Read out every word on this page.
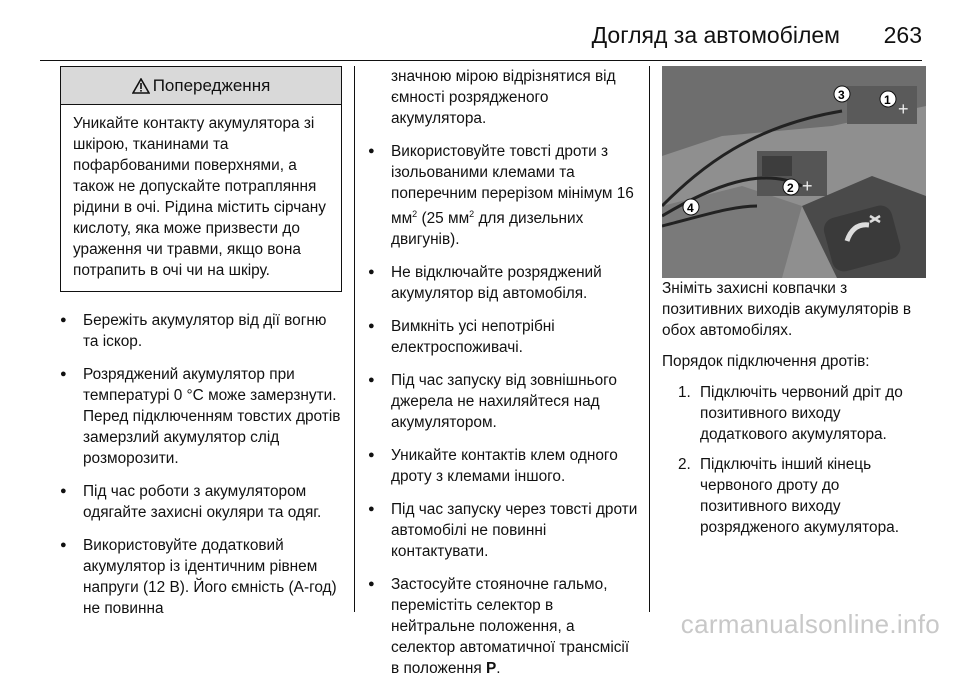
Догляд за автомобілем 263
Попередження
Уникайте контакту акумулятора зі шкірою, тканинами та пофарбованими поверхнями, а також не допускайте потрапляння рідини в очі. Рідина містить сірчану кислоту, яка може призвести до ураження чи травми, якщо вона потрапить в очі чи на шкіру.
● Бережіть акумулятор від дії вогню та іскор.
● Розряджений акумулятор при температурі 0 °C може замерзнути. Перед підключенням товстих дротів замерзлий акумулятор слід розморозити.
● Під час роботи з акумулятором одягайте захисні окуляри та одяг.
● Використовуйте додатковий акумулятор із ідентичним рівнем напруги (12 В). Його ємність (А-год) не повинна
значною мірою відрізнятися від ємності розрядженого акумулятора.
● Використовуйте товсті дроти з ізольованими клемами та поперечним перерізом мінімум 16 $мм^2$ (25 $мм^2$ для дизельних двигунів).
● Не відключайте розряджений акумулятор від автомобіля.
● Вимкніть усі непотрібні електроспоживачі.
● Під час запуску від зовнішнього джерела не нахиляйтеся над акумулятором.
● Уникайте контактів клем одного дроту з клемами іншого.
● Під час запуску через товсті дроти автомобілі не повинні контактувати.
● Застосуйте стояночне гальмо, перемістіть селектор в нейтральне положення, а селектор автоматичної трансмісії в положення P.
1
2
3
4
+
+
Зніміть захисні ковпачки з позитивних виходів акумуляторів в обох автомобілях.
Порядок підключення дротів:
1. Підключіть червоний дріт до позитивного виходу додаткового акумулятора.
2. Підключіть інший кінець червоного дроту до позитивного виходу розрядженого акумулятора.
carmanualsonline.info
